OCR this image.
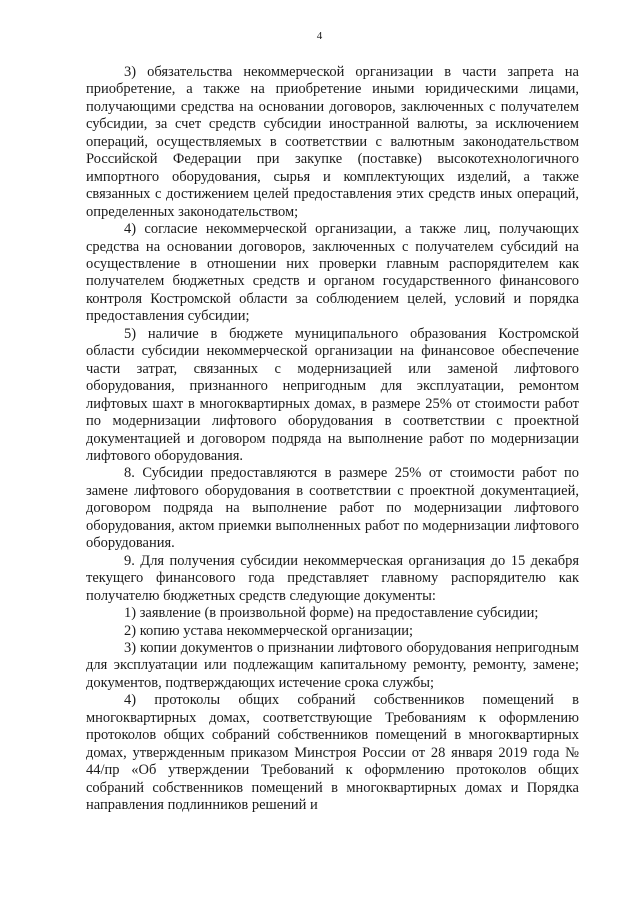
4

3) обязательства некоммерческой организации в части запрета на приобретение, а также на приобретение иными юридическими лицами, получающими средства на основании договоров, заключенных с получателем субсидии, за счет средств субсидии иностранной валюты, за исключением операций, осуществляемых в соответствии с валютным законодательством Российской Федерации при закупке (поставке) высокотехнологичного импортного оборудования, сырья и комплектующих изделий, а также связанных с достижением целей предоставления этих средств иных операций, определенных законодательством;

4) согласие некоммерческой организации, а также лиц, получающих средства на основании договоров, заключенных с получателем субсидий на осуществление в отношении них проверки главным распорядителем как получателем бюджетных средств и органом государственного финансового контроля Костромской области за соблюдением целей, условий и порядка предоставления субсидии;

5) наличие в бюджете муниципального образования Костромской области субсидии некоммерческой организации на финансовое обеспечение части затрат, связанных с модернизацией или заменой лифтового оборудования, признанного непригодным для эксплуатации, ремонтом лифтовых шахт в многоквартирных домах, в размере 25% от стоимости работ по модернизации лифтового оборудования в соответствии с проектной документацией и договором подряда на выполнение работ по модернизации лифтового оборудования.

8. Субсидии предоставляются в размере 25% от стоимости работ по замене лифтового оборудования в соответствии с проектной документацией, договором подряда на выполнение работ по модернизации лифтового оборудования, актом приемки выполненных работ по модернизации лифтового оборудования.

9. Для получения субсидии некоммерческая организация до 15 декабря текущего финансового года представляет главному распорядителю как получателю бюджетных средств следующие документы:

1) заявление (в произвольной форме) на предоставление субсидии;

2) копию устава некоммерческой организации;

3) копии документов о признании лифтового оборудования непригодным для эксплуатации или подлежащим капитальному ремонту, ремонту, замене; документов, подтверждающих истечение срока службы;

4) протоколы общих собраний собственников помещений в многоквартирных домах, соответствующие Требованиям к оформлению протоколов общих собраний собственников помещений в многоквартирных домах, утвержденным приказом Минстроя России от 28 января 2019 года № 44/пр «Об утверждении Требований к оформлению протоколов общих собраний собственников помещений в многоквартирных домах и Порядка направления подлинников решений и
